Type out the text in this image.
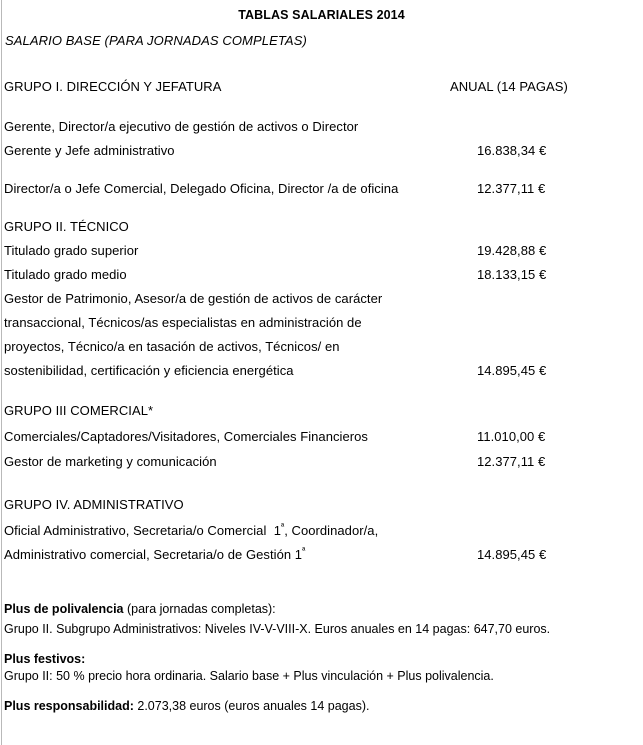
TABLAS SALARIALES 2014
SALARIO BASE (PARA JORNADAS COMPLETAS)
GRUPO I. DIRECCIÓN Y JEFATURA	ANUAL (14 PAGAS)
Gerente, Director/a ejecutivo de gestión de activos o Director
Gerente y Jefe administrativo	16.838,34 €
Director/a o Jefe Comercial, Delegado Oficina, Director /a de oficina	12.377,11 €
GRUPO II. TÉCNICO
Titulado grado superior	19.428,88 €
Titulado grado medio	18.133,15 €
Gestor de Patrimonio, Asesor/a de gestión de activos de carácter
transaccional, Técnicos/as especialistas en administración de
proyectos, Técnico/a en tasación de activos, Técnicos/ en
sostenibilidad, certificación y eficiencia energética	14.895,45 €
GRUPO III COMERCIAL*
Comerciales/Captadores/Visitadores, Comerciales Financieros	11.010,00 €
Gestor de marketing y comunicación	12.377,11 €
GRUPO IV. ADMINISTRATIVO
Oficial Administrativo, Secretaria/o Comercial  $1^ª$, Coordinador/a,
Administrativo comercial, Secretaria/o de Gestión $1^ª$	14.895,45 €
Plus de polivalencia (para jornadas completas):
Grupo II. Subgrupo Administrativos: Niveles IV-V-VIII-X. Euros anuales en 14 pagas: 647,70 euros.
Plus festivos:
Grupo II: 50 % precio hora ordinaria. Salario base + Plus vinculación + Plus polivalencia.
Plus responsabilidad: 2.073,38 euros (euros anuales 14 pagas).
